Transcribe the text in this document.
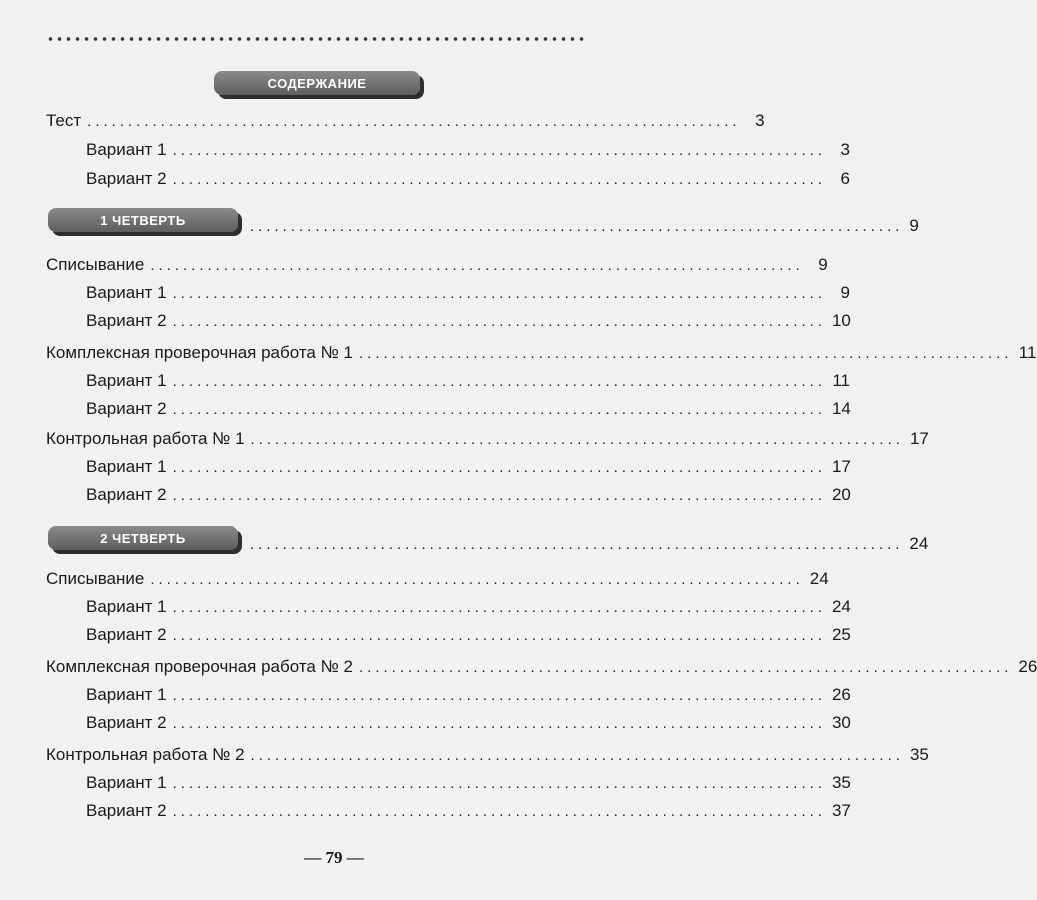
СОДЕРЖАНИЕ
Тест ................................................................................ 3
Вариант 1 ................................................................................ 3
Вариант 2 ................................................................................ 6
1 ЧЕТВЕРТЬ	................................................................................ 9
Списывание ................................................................................ 9
Вариант 1 ................................................................................ 9
Вариант 2 ................................................................................ 10
Комплексная проверочная работа № 1 ................................................................................ 11
Вариант 1 ................................................................................ 11
Вариант 2 ................................................................................ 14
Контрольная работа № 1 ................................................................................ 17
Вариант 1 ................................................................................ 17
Вариант 2 ................................................................................ 20
2 ЧЕТВЕРТЬ	................................................................................ 24
Списывание ................................................................................ 24
Вариант 1 ................................................................................ 24
Вариант 2 ................................................................................ 25
Комплексная проверочная работа № 2 ................................................................................ 26
Вариант 1 ................................................................................ 26
Вариант 2 ................................................................................ 30
Контрольная работа № 2 ................................................................................ 35
Вариант 1 ................................................................................ 35
Вариант 2 ................................................................................ 37
— 79 —
